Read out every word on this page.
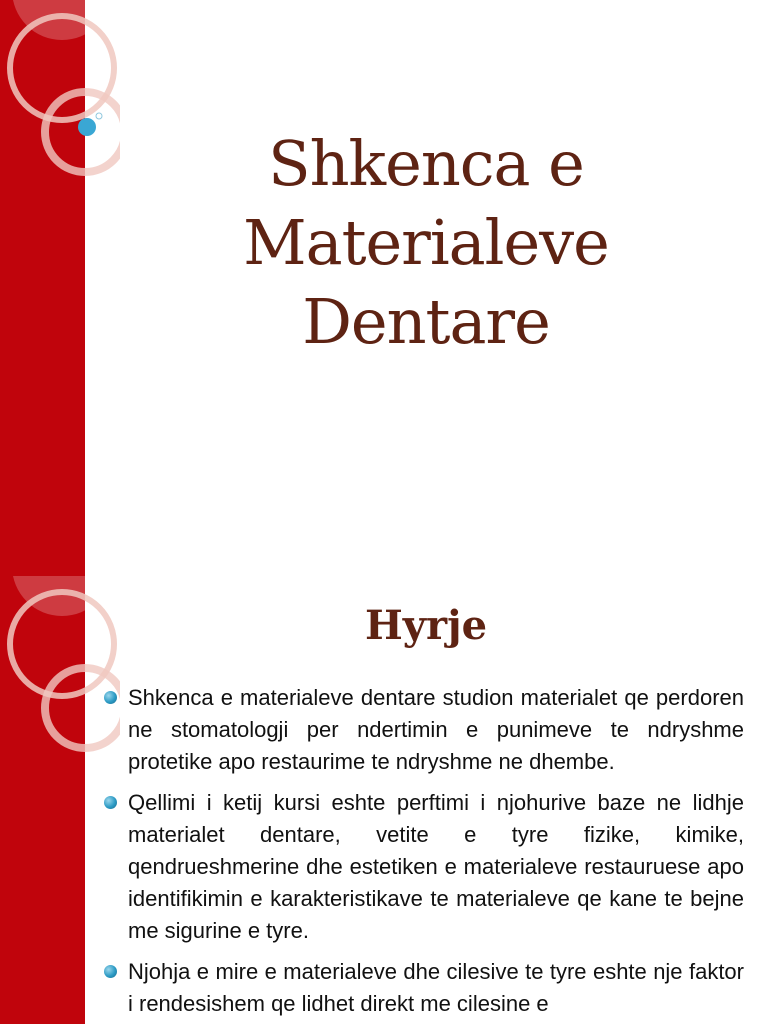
Shkenca e
Materialeve
Dentare
Hyrje
Shkenca e materialeve dentare studion materialet qe perdoren ne stomatologji per ndertimin e punimeve te ndryshme protetike apo restaurime te ndryshme ne dhembe.
Qellimi i ketij kursi eshte perftimi i njohurive baze ne lidhje materialet dentare, vetite e tyre fizike, kimike, qendrueshmerine dhe estetiken e materialeve restauruese apo identifikimin e karakteristikave te materialeve qe kane te bejne me sigurine e tyre.
Njohja e mire e materialeve dhe cilesive te tyre eshte nje faktor i rendesishem qe lidhet direkt me cilesine e
